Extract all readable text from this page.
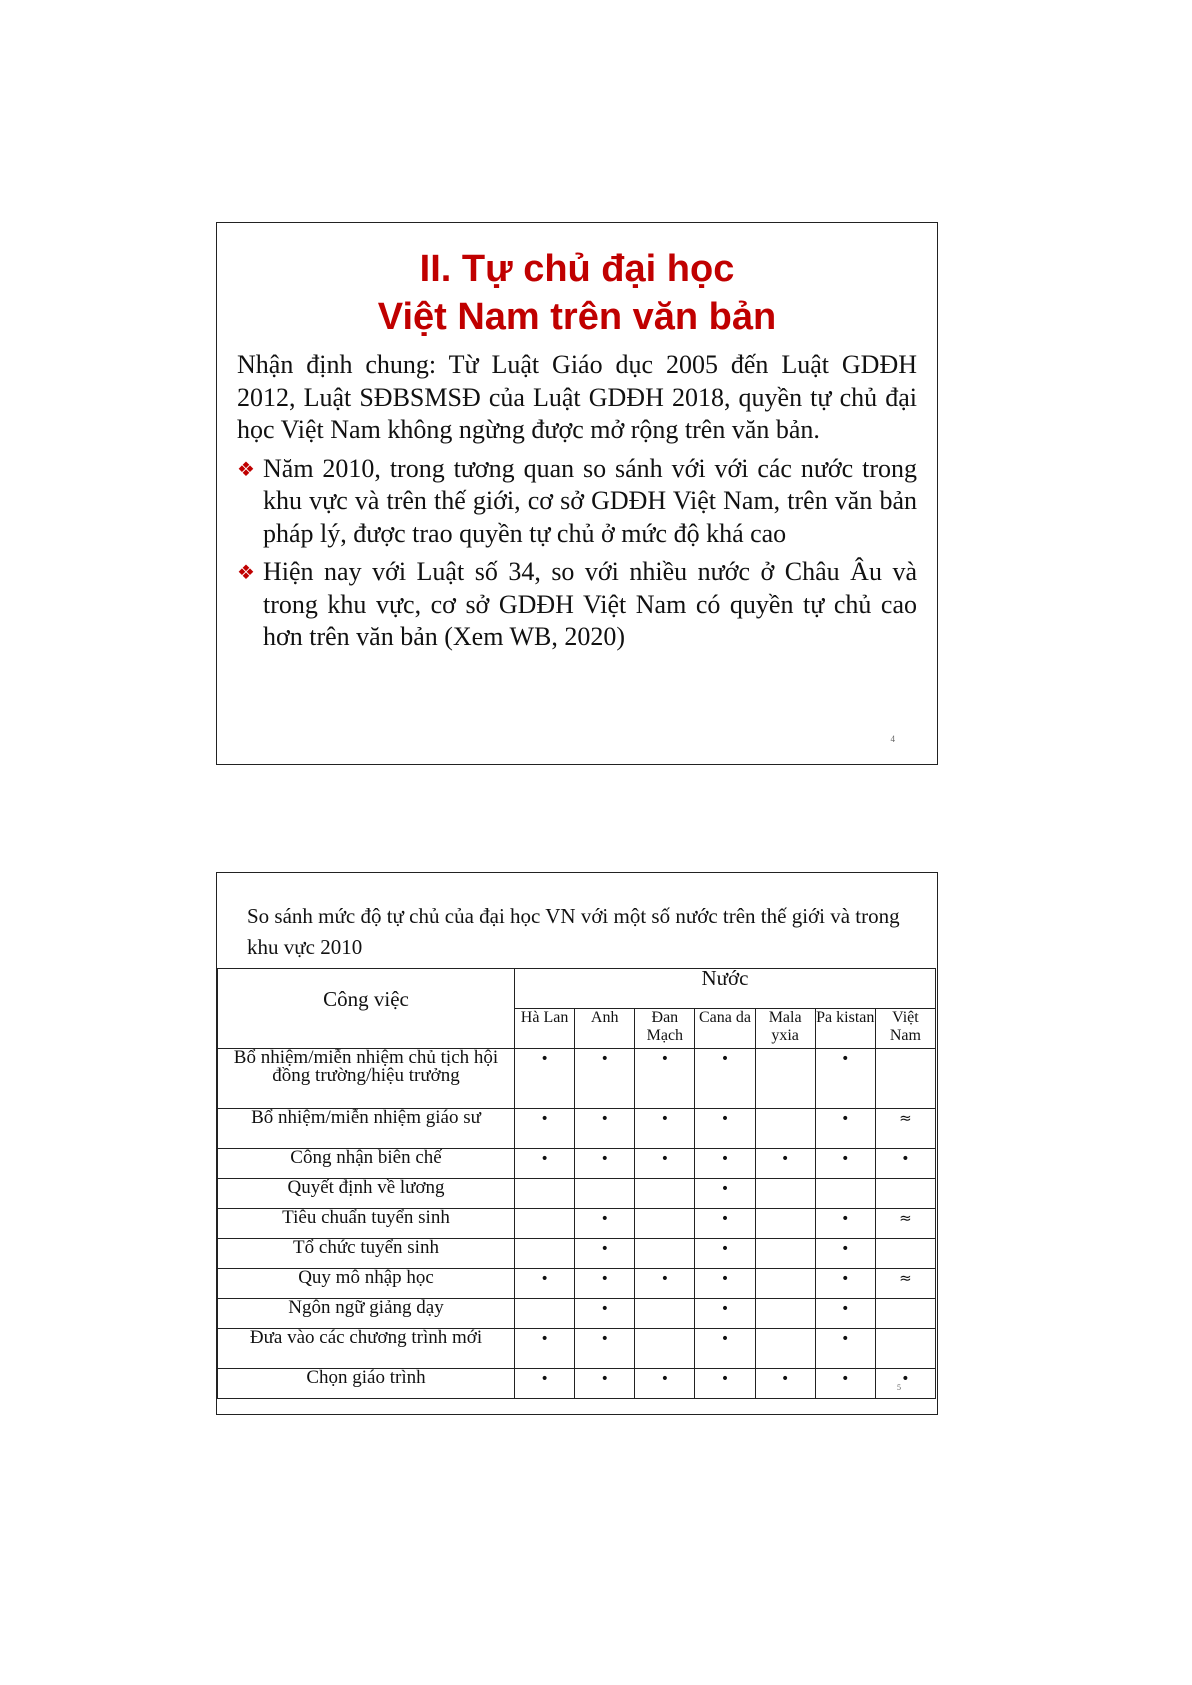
II. Tự chủ đại học
Việt Nam trên văn bản

Nhận định chung: Từ Luật Giáo dục 2005 đến Luật GDĐH 2012, Luật SĐBSMSĐ của Luật GDĐH 2018, quyền tự chủ đại học Việt Nam không ngừng được mở rộng trên văn bản.

❖ Năm 2010, trong tương quan so sánh với với các nước trong khu vực và trên thế giới, cơ sở GDĐH Việt Nam, trên văn bản pháp lý, được trao quyền tự chủ ở mức độ khá cao
❖ Hiện nay với Luật số 34, so với nhiều nước ở Châu Âu và trong khu vực, cơ sở GDĐH Việt Nam có quyền tự chủ cao hơn trên văn bản (Xem WB, 2020)
4
So sánh mức độ tự chủ của đại học VN với một số nước trên thế giới và trong khu vực 2010
Công việc	Nước						
	Hà Lan	Anh	Đan Mạch	Cana da	Mala yxia	Pa kistan	Việt Nam
Bổ nhiệm/miễn nhiệm chủ tịch hội đồng trường/hiệu trưởng	•	•	•	•		•	
Bổ nhiệm/miễn nhiệm giáo sư	•	•	•	•		•	≈
Công nhận biên chế	•	•	•	•	•	•	•
Quyết định về lương				•			
Tiêu chuẩn tuyển sinh		•		•		•	≈
Tổ chức tuyển sinh		•		•		•	
Quy mô nhập học	•	•	•	•		•	≈
Ngôn ngữ giảng dạy		•		•		•	
Đưa vào các chương trình mới	•	•		•		•	
Chọn giáo trình	•	•	•	•	•	•	•
5
